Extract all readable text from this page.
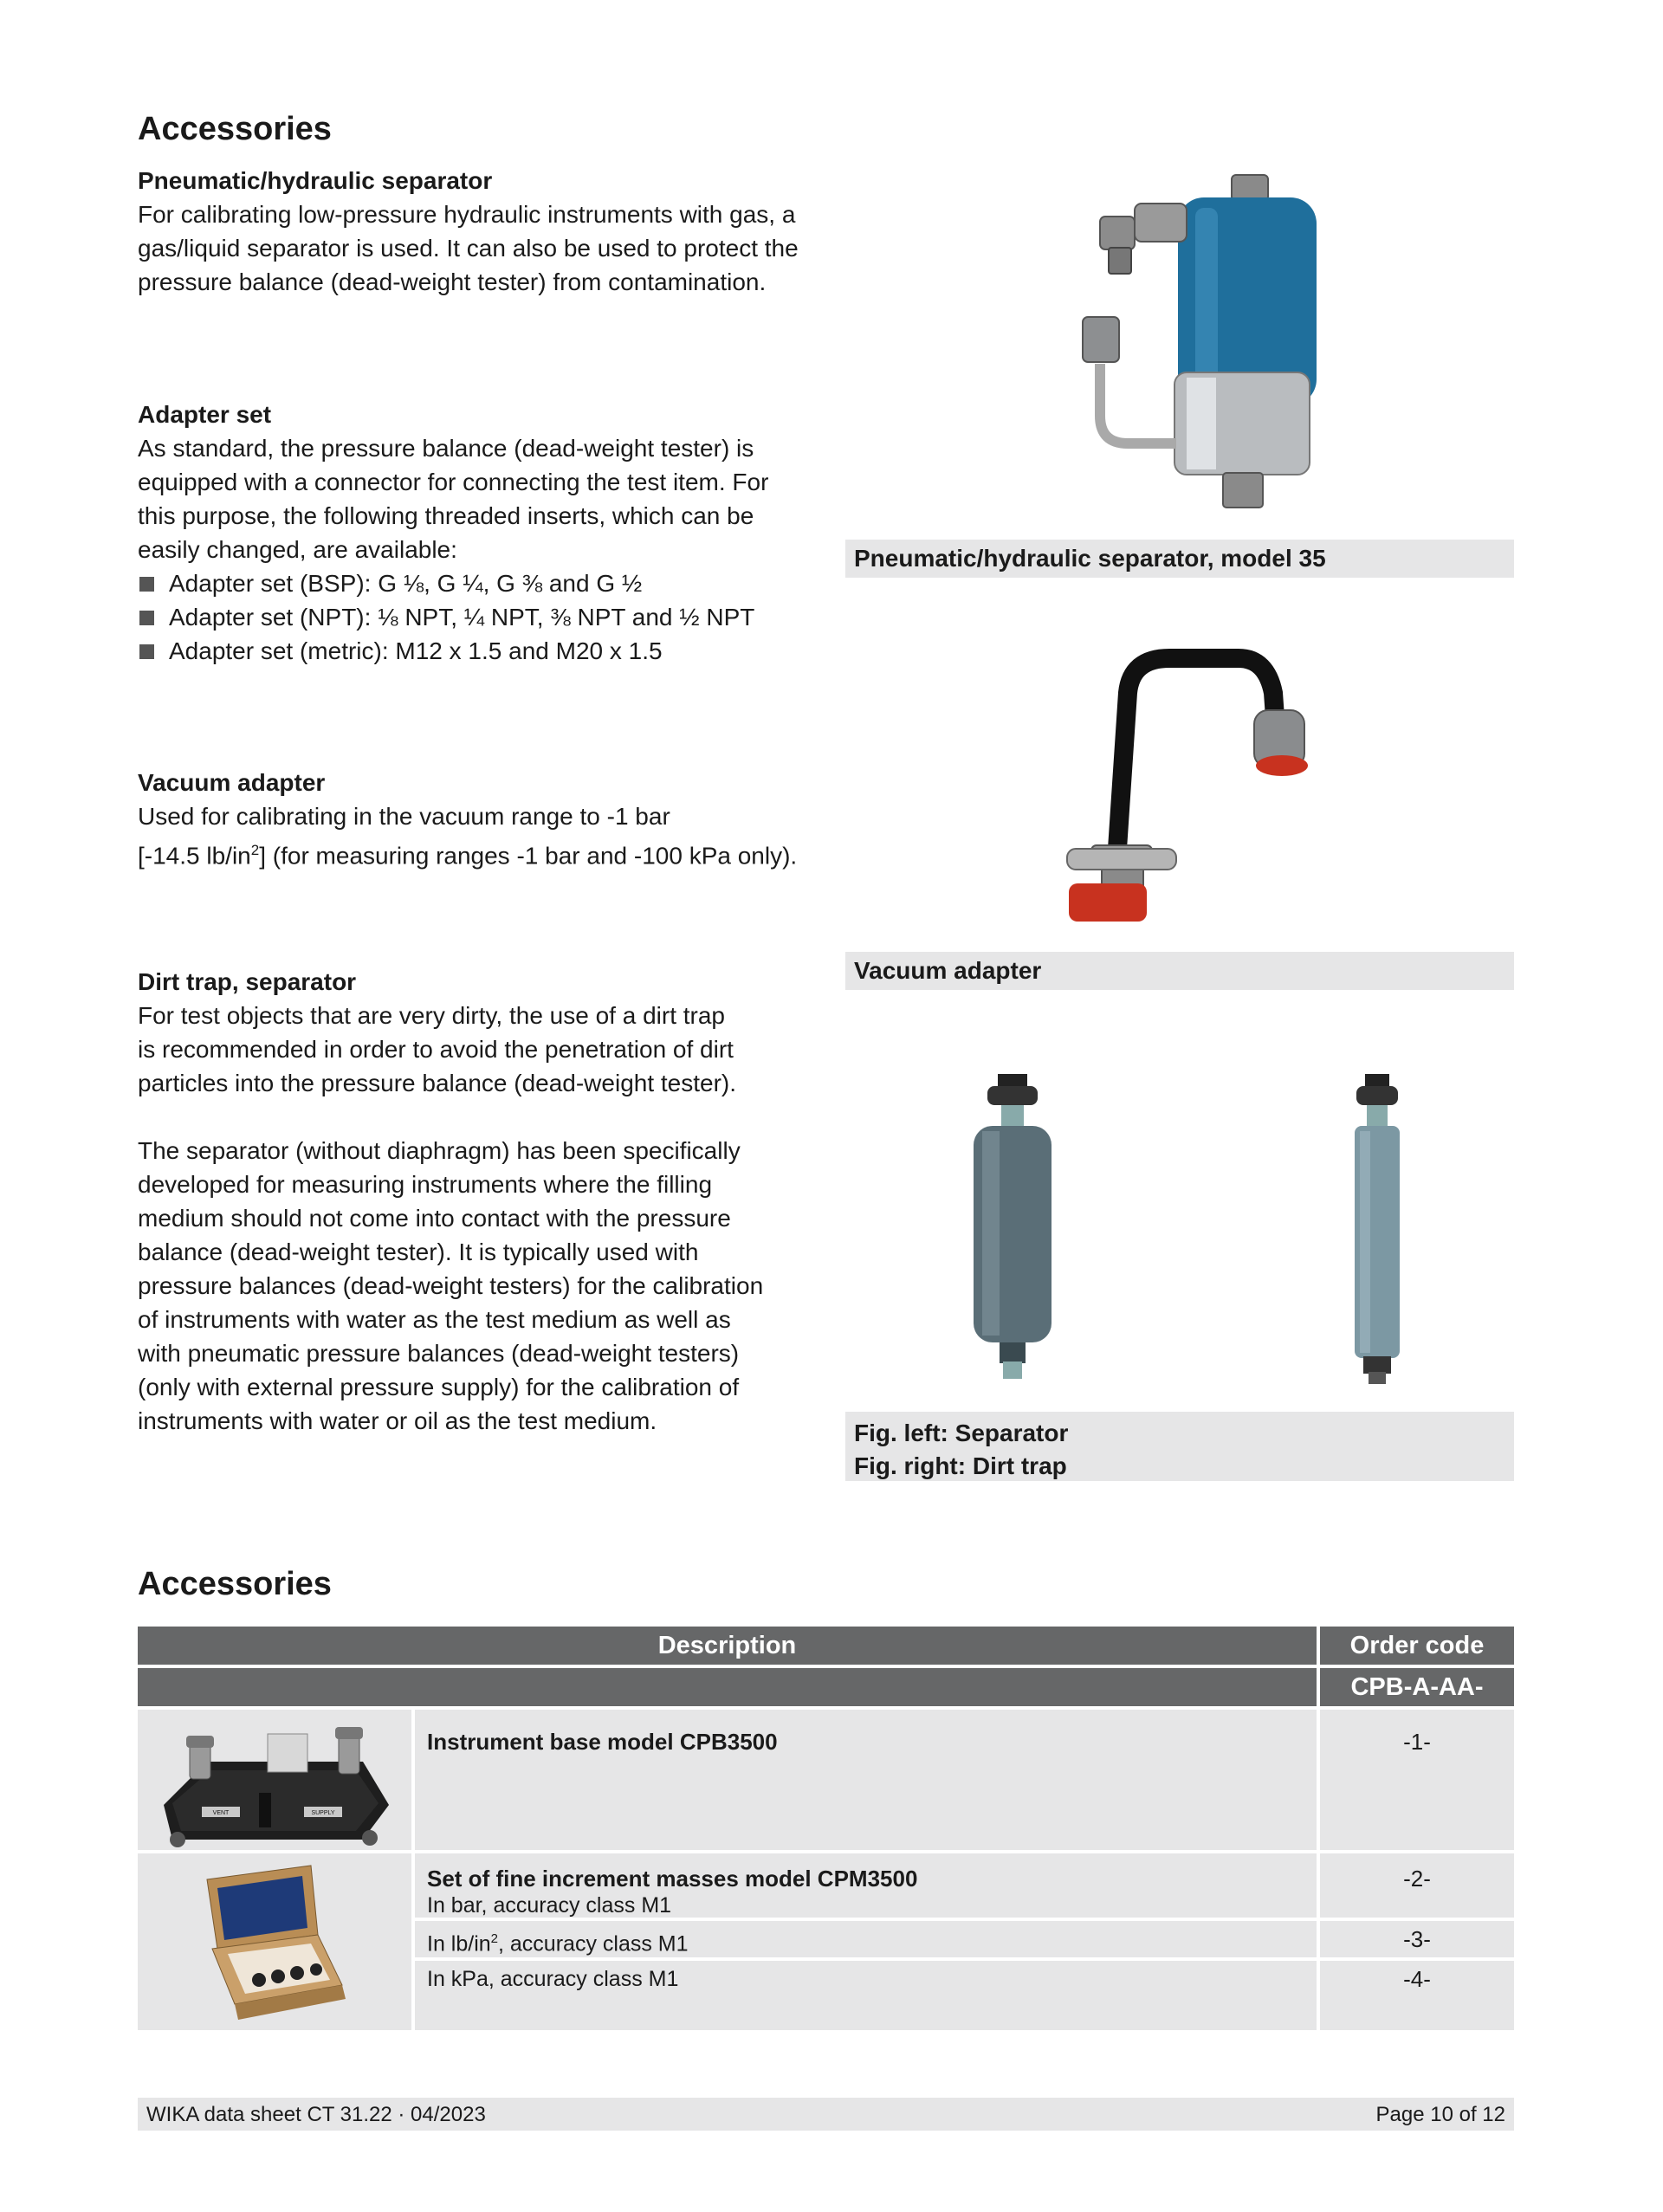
Accessories

Pneumatic/hydraulic separator

For calibrating low-pressure hydraulic instruments with gas, a

gas/liquid separator is used. It can also be used to protect the

pressure balance (dead-weight tester) from contamination.

Adapter set

As standard, the pressure balance (dead-weight tester) is

equipped with a connector for connecting the test item. For

this purpose, the following threaded inserts, which can be

easily changed, are available:

Adapter set (BSP): G ⅛, G ¼, G ⅜ and G ½
Adapter set (NPT): ⅛ NPT, ¼ NPT, ⅜ NPT and ½ NPT
Adapter set (metric): M12 x 1.5 and M20 x 1.5

Vacuum adapter

Used for calibrating in the vacuum range to -1 bar

[-14.5 $lb/in^2$] (for measuring ranges -1 bar and -100 kPa only).

Dirt trap, separator

For test objects that are very dirty, the use of a dirt trap

is recommended in order to avoid the penetration of dirt

particles into the pressure balance (dead-weight tester).

The separator (without diaphragm) has been specifically

developed for measuring instruments where the filling

medium should not come into contact with the pressure

balance (dead-weight tester). It is typically used with

pressure balances (dead-weight testers) for the calibration

of instruments with water as the test medium as well as

with pneumatic pressure balances (dead-weight testers)

(only with external pressure supply) for the calibration of

instruments with water or oil as the test medium.

Pneumatic/hydraulic separator, model 35
Vacuum adapter
Fig. left: Separator
Fig. right: Dirt trap
Accessories
Description	Order code
CPB-A-AA-
VENT	SUPPLY
Instrument base model CPB3500	-1-
Set of fine increment masses model CPM3500
In bar, accuracy class M1
-2-
In $lb/in^2$, accuracy class M1	-3-
In kPa, accuracy class M1	-4-
WIKA data sheet CT 31.22 · 04/2023	Page 10 of 12
